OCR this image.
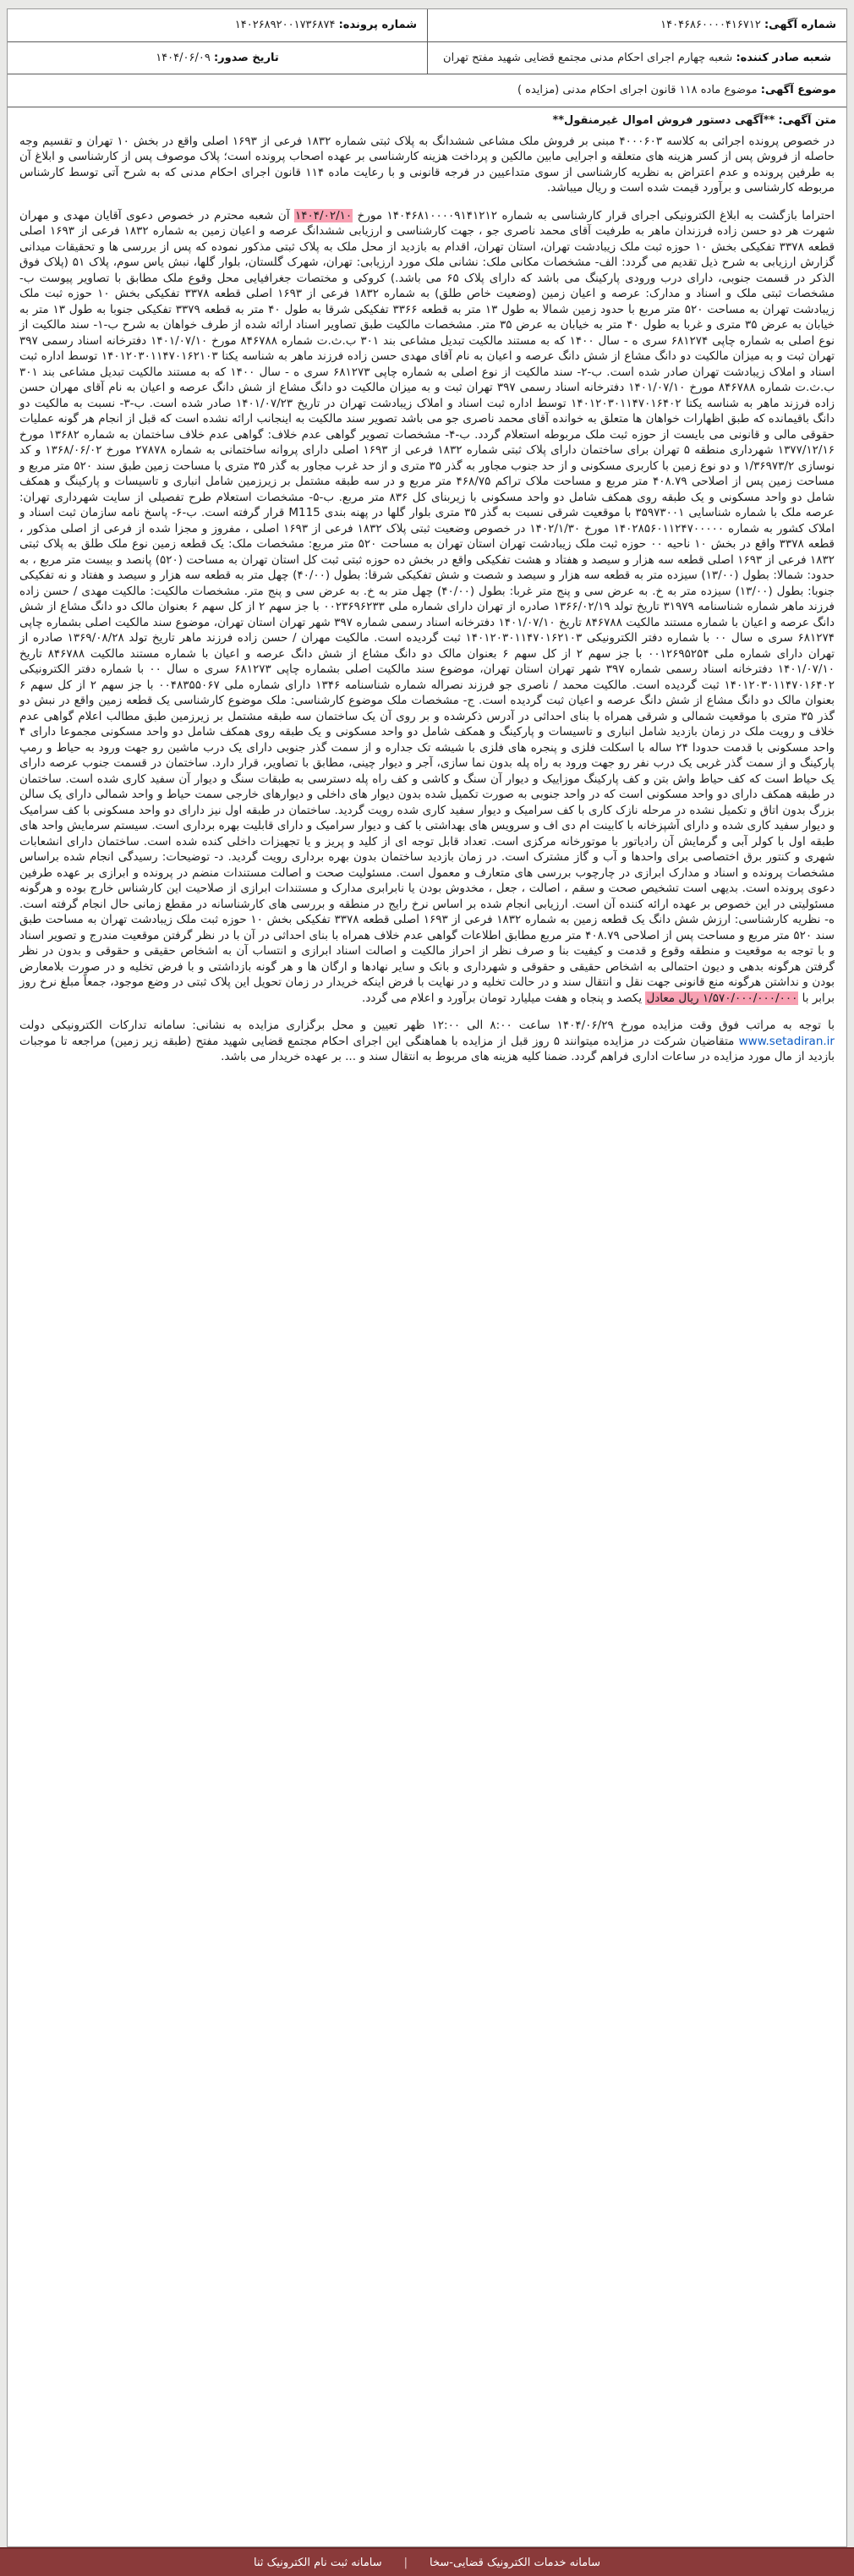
شماره آگهی: ۱۴۰۴۶۸۶۰۰۰۰۴۱۶۷۱۲
شماره پرونده: ۱۴۰۲۶۸۹۲۰۰۱۷۳۶۸۷۴
شعبه صادر کننده: شعبه چهارم اجرای احکام مدنی مجتمع قضایی شهید مفتح تهران
تاریخ صدور: ۱۴۰۴/۰۶/۰۹
موضوع آگهی: موضوع ماده ۱۱۸ قانون اجرای احکام مدنی (مزایده )
متن آگهی: **آگهی دستور فروش اموال غیرمنقول**

در خصوص پرونده اجرائی به کلاسه ۴۰۰۰۶۰۳ مبنی بر فروش ملک مشاعی ششدانگ به پلاک ثبتی شماره ۱۸۳۲ فرعی از ۱۶۹۳ اصلی واقع در بخش ۱۰ تهران و تقسیم وجه حاصله از فروش پس از کسر هزینه های متعلقه و اجرایی مابین مالکین و پرداخت هزینه کارشناسی بر عهده اصحاب پرونده است؛ پلاک موصوف پس از کارشناسی و ابلاغ آن به طرفین پرونده و عدم اعتراض به نظریه کارشناسی از سوی متداعیین در فرجه قانونی و با رعایت ماده ۱۱۴ قانون اجرای احکام مدنی که به شرح آتی توسط کارشناس مربوطه کارشناسی و برآورد قیمت شده است و ریال میباشد.

احتراما بازگشت به ابلاغ الکترونیکی اجرای قرار کارشناسی به شماره ۱۴۰۴۶۸۱۰۰۰۰۹۱۴۱۲۱۲ مورخ ۱۴۰۴/۰۲/۱۰ آن شعبه محترم در خصوص دعوی آقایان مهدی و مهران شهرت هر دو حسن زاده فرزندان ماهر به طرفیت آقای محمد ناصری جو ، جهت کارشناسی و ارزیابی ششدانگ عرصه و اعیان زمین به شماره ۱۸۳۲ فرعی از ۱۶۹۳ اصلی قطعه ۳۳۷۸ تفکیکی بخش ۱۰ حوزه ثبت ملک زیبادشت تهران، استان تهران، اقدام به بازدید از محل ملک به پلاک ثبتی مذکور نموده که پس از بررسی ها و تحقیقات میدانی گزارش ارزیابی به شرح ذیل تقدیم می گردد: الف- مشخصات مکانی ملک: نشانی ملک مورد ارزیابی: تهران، شهرک گلستان، بلوار گلها، نبش یاس سوم، پلاک ۵۱ (پلاک فوق الذکر در قسمت جنوبی، دارای درب ورودی پارکینگ می باشد که دارای پلاک ۶۵ می باشد.) کروکی و مختصات جغرافیایی محل وقوع ملک مطابق با تصاویر پیوست ب- مشخصات ثبتی ملک و اسناد و مدارک: عرصه و اعیان زمین (وضعیت خاص طلق) به شماره ۱۸۳۲ فرعی از ۱۶۹۳ اصلی قطعه ۳۳۷۸ تفکیکی بخش ۱۰ حوزه ثبت ملک زیبادشت تهران به مساحت ۵۲۰ متر مربع با حدود زمین شمالا به طول ۱۳ متر به قطعه ۳۳۶۶ تفکیکی شرقا به طول ۴۰ متر به قطعه ۳۳۷۹ تفکیکی جنوبا به طول ۱۳ متر به خیابان به عرض ۳۵ متری و غربا به طول ۴۰ متر به خیابان به عرض ۳۵ متر. مشخصات مالکیت طبق تصاویر اسناد ارائه شده از طرف خواهان به شرح ب-۱- سند مالکیت از نوع اصلی به شماره چاپی ۶۸۱۲۷۴ سری ه - سال ۱۴۰۰ که به مستند مالکیت تبدیل مشاعی بند ۳۰۱ ب.ث.ت شماره ۸۴۶۷۸۸ مورخ ۱۴۰۱/۰۷/۱۰ دفترخانه اسناد رسمی ۳۹۷ تهران ثبت و به میزان مالکیت دو دانگ مشاع از شش دانگ عرصه و اعیان به نام آقای مهدی حسن زاده فرزند ماهر به شناسه یکتا ۱۴۰۱۲۰۳۰۱۱۴۷۰۱۶۲۱۰۳ توسط اداره ثبت اسناد و املاک زیبادشت تهران صادر شده است. ب-۲- سند مالکیت از نوع اصلی به شماره چاپی ۶۸۱۲۷۳ سری ه - سال ۱۴۰۰ که به مستند مالکیت تبدیل مشاعی بند ۳۰۱ ب.ث.ت شماره ۸۴۶۷۸۸ مورخ ۱۴۰۱/۰۷/۱۰ دفترخانه اسناد رسمی ۳۹۷ تهران ثبت و به میزان مالکیت دو دانگ مشاع از شش دانگ عرصه و اعیان به نام آقای مهران حسن زاده فرزند ماهر به شناسه یکتا ۱۴۰۱۲۰۳۰۱۱۴۷۰۱۶۴۰۲ توسط اداره ثبت اسناد و املاک زیبادشت تهران در تاریخ ۱۴۰۱/۰۷/۲۳ صادر شده است. ب-۳- نسبت به مالکیت دو دانگ باقیمانده که طبق اظهارات خواهان ها متعلق به خوانده آقای محمد ناصری جو می باشد تصویر سند مالکیت به اینجانب ارائه نشده است که قبل از انجام هر گونه عملیات حقوقی مالی و قانونی می بایست از حوزه ثبت ملک مربوطه استعلام گردد. ب-۴- مشخصات تصویر گواهی عدم خلاف: گواهی عدم خلاف ساختمان به شماره ۱۳۶۸۲ مورخ ۱۳۷۷/۱۲/۱۶ شهرداری منطقه ۵ تهران برای ساختمان دارای پلاک ثبتی شماره ۱۸۳۲ فرعی از ۱۶۹۳ اصلی دارای پروانه ساختمانی به شماره ۲۷۸۷۸ مورخ ۱۳۶۸/۰۶/۰۲ و کد نوسازی ۱/۳۶۹۷۳/۲ و دو نوع زمین با کاربری مسکونی و از حد جنوب مجاور به گذر ۳۵ متری و از حد غرب مجاور به گذر ۳۵ متری با مساحت زمین طبق سند ۵۲۰ متر مربع و مساحت زمین پس از اصلاحی ۴۰۸.۷۹ متر مربع و مساحت ملاک تراکم ۴۶۸/۷۵ متر مربع و در سه طبقه مشتمل بر زیرزمین شامل انباری و تاسیسات و پارکینگ و همکف شامل دو واحد مسکونی و یک طبقه روی همکف شامل دو واحد مسکونی با زیربنای کل ۸۳۶ متر مربع. ب-۵- مشخصات استعلام طرح تفصیلی از سایت شهرداری تهران: عرصه ملک با شماره شناسایی ۳۵۹۷۳۰۰۱ با موقعیت شرقی نسبت به گذر ۳۵ متری بلوار گلها در پهنه بندی M115 قرار گرفته است. ب-۶- پاسخ نامه سازمان ثبت اسناد و املاک کشور به شماره ۱۴۰۲۸۵۶۰۱۱۲۴۷۰۰۰۰۰ مورخ ۱۴۰۲/۱/۳۰ در خصوص وضعیت ثبتی پلاک ۱۸۳۲ فرعی از ۱۶۹۳ اصلی ، مفروز و مجزا شده از فرعی از اصلی مذکور ، قطعه ۳۳۷۸ واقع در بخش ۱۰ ناحیه ۰۰ حوزه ثبت ملک زیبادشت تهران استان تهران به مساحت ۵۲۰ متر مربع: مشخصات ملک: یک قطعه زمین نوع ملک طلق به پلاک ثبتی ۱۸۳۲ فرعی از ۱۶۹۳ اصلی قطعه سه هزار و سیصد و هفتاد و هشت تفکیکی واقع در بخش ده حوزه ثبتی ثبت کل استان تهران به مساحت (۵۲۰) پانصد و بیست متر مربع ، به حدود: شمالا: بطول (۱۳/۰۰) سیزده متر به قطعه سه هزار و سیصد و شصت و شش تفکیکی شرقا: بطول (۴۰/۰۰) چهل متر به قطعه سه هزار و سیصد و هفتاد و نه تفکیکی جنوبا: بطول (۱۳/۰۰) سیزده متر به خ. به عرض سی و پنج متر غربا: بطول (۴۰/۰۰) چهل متر به خ. به عرض سی و پنج متر. مشخصات مالکیت: مالکیت مهدی / حسن زاده فرزند ماهر شماره شناسنامه ۳۱۹۷۹ تاریخ تولد ۱۳۶۶/۰۲/۱۹ صادره از تهران دارای شماره ملی ۰۰۲۳۶۹۶۲۳۳ با جز سهم ۲ از کل سهم ۶ بعنوان مالک دو دانگ مشاع از شش دانگ عرصه و اعیان با شماره مستند مالکیت ۸۴۶۷۸۸ تاریخ ۱۴۰۱/۰۷/۱۰ دفترخانه اسناد رسمی شماره ۳۹۷ شهر تهران استان تهران، موضوع سند مالکیت اصلی بشماره چاپی ۶۸۱۲۷۴ سری ه سال ۰۰ با شماره دفتر الکترونیکی ۱۴۰۱۲۰۳۰۱۱۴۷۰۱۶۲۱۰۳ ثبت گردیده است. مالکیت مهران / حسن زاده فرزند ماهر تاریخ تولد ۱۳۶۹/۰۸/۲۸ صادره از تهران دارای شماره ملی ۰۰۱۲۶۹۵۲۵۴ با جز سهم ۲ از کل سهم ۶ بعنوان مالک دو دانگ مشاع از شش دانگ عرصه و اعیان با شماره مستند مالکیت ۸۴۶۷۸۸ تاریخ ۱۴۰۱/۰۷/۱۰ دفترخانه اسناد رسمی شماره ۳۹۷ شهر تهران استان تهران، موضوع سند مالکیت اصلی بشماره چاپی ۶۸۱۲۷۳ سری ه سال ۰۰ با شماره دفتر الکترونیکی ۱۴۰۱۲۰۳۰۱۱۴۷۰۱۶۴۰۲ ثبت گردیده است. مالکیت محمد / ناصری جو فرزند نصراله شماره شناسنامه ۱۳۴۶ دارای شماره ملی ۰۰۴۸۳۵۵۰۶۷ با جز سهم ۲ از کل سهم ۶ بعنوان مالک دو دانگ مشاع از شش دانگ عرصه و اعیان ثبت گردیده است. ج- مشخصات ملک موضوع کارشناسی: ملک موضوع کارشناسی یک قطعه زمین واقع در نبش دو گذر ۳۵ متری با موقعیت شمالی و شرقی همراه با بنای احداثی در آدرس ذکرشده و بر روی آن یک ساختمان سه طبقه مشتمل بر زیرزمین طبق مطالب اعلام گواهی عدم خلاف و رویت ملک در زمان بازدید شامل انباری و تاسیسات و پارکینگ و همکف شامل دو واحد مسکونی و یک طبقه روی همکف شامل دو واحد مسکونی مجموعا دارای ۴ واحد مسکونی با قدمت حدودا ۲۴ ساله با اسکلت فلزی و پنجره های فلزی با شیشه تک جداره و از سمت گذر جنوبی دارای یک درب ماشین رو جهت ورود به حیاط و رمپ پارکینگ و از سمت گذر غربی یک درب نفر رو جهت ورود به راه پله بدون نما سازی، آجر و دیوار چینی، مطابق با تصاویر، قرار دارد. ساختمان در قسمت جنوب عرصه دارای یک حیاط است که کف حیاط واش بتن و کف پارکینگ موزاییک و دیوار آن سنگ و کاشی و کف راه پله دسترسی به طبقات سنگ و دیوار آن سفید کاری شده است. ساختمان در طبقه همکف دارای دو واحد مسکونی است که در واحد جنوبی به صورت تکمیل شده بدون دیوار های داخلی و دیوارهای خارجی سمت حیاط و واحد شمالی دارای یک سالن بزرگ بدون اتاق و تکمیل نشده در مرحله نازک کاری با کف سرامیک و دیوار سفید کاری شده رویت گردید. ساختمان در طبقه اول نیز دارای دو واحد مسکونی با کف سرامیک و دیوار سفید کاری شده و دارای آشپزخانه با کابینت ام دی اف و سرویس های بهداشتی با کف و دیوار سرامیک و دارای قابلیت بهره برداری است. سیستم سرمایش واحد های طبقه اول با کولر آبی و گرمایش آن رادیاتور با موتورخانه مرکزی است. تعداد قابل توجه ای از کلید و پریز و یا تجهیزات داخلی کنده شده است. ساختمان دارای انشعابات شهری و کنتور برق اختصاصی برای واحدها و آب و گاز مشترک است. در زمان بازدید ساختمان بدون بهره برداری رویت گردید. د- توضیحات: رسیدگی انجام شده براساس مشخصات پرونده و اسناد و مدارک ابرازی در چارچوب بررسی های متعارف و معمول است. مسئولیت صحت و اصالت مستندات منضم در پرونده و ابرازی بر عهده طرفین دعوی پرونده است. بدیهی است تشخیص صحت و سقم ، اصالت ، جعل ، مخدوش بودن یا نابرابری مدارک و مستندات ابرازی از صلاحیت این کارشناس خارج بوده و هرگونه مسئولیتی در این خصوص بر عهده ارائه کننده آن است. ارزیابی انجام شده بر اساس نرخ رایج در منطقه و بررسی های کارشناسانه در مقطع زمانی حال انجام گرفته است. ه- نظریه کارشناسی: ارزش شش دانگ یک قطعه زمین به شماره ۱۸۳۲ فرعی از ۱۶۹۳ اصلی قطعه ۳۳۷۸ تفکیکی بخش ۱۰ حوزه ثبت ملک زیبادشت تهران به مساحت طبق سند ۵۲۰ متر مربع و مساحت پس از اصلاحی ۴۰۸.۷۹ متر مربع مطابق اطلاعات گواهی عدم خلاف همراه با بنای احداثی در آن با در نظر گرفتن موقعیت مندرج و تصویر اسناد و با توجه به موقعیت و منطقه وقوع و قدمت و کیفیت بنا و صرف نظر از احراز مالکیت و اصالت اسناد ابرازی و انتساب آن به اشخاص حقیقی و حقوقی و بدون در نظر گرفتن هرگونه بدهی و دیون احتمالی به اشخاص حقیقی و حقوقی و شهرداری و بانک و سایر نهادها و ارگان ها و هر گونه بازداشتی و با فرض تخلیه و در صورت بلامعارض بودن و نداشتن هرگونه منع قانونی جهت نقل و انتقال سند و در حالت تخلیه و در نهایت با فرض اینکه خریدار در زمان تحویل این پلاک ثبتی در وضع موجود، جمعاً مبلغ نرخ روز برابر با ۱/۵۷۰/۰۰۰/۰۰۰/۰۰۰ ریال معادل یکصد و پنجاه و هفت میلیارد تومان برآورد و اعلام می گردد.

با توجه به مراتب فوق وقت مزایده مورخ ۱۴۰۴/۰۶/۲۹ ساعت ۸:۰۰ الی ۱۲:۰۰ ظهر تعیین و محل برگزاری مزایده به نشانی: سامانه تدارکات الکترونیکی دولت www.setadiran.ir متقاضیان شرکت در مزایده میتوانند ۵ روز قبل از مزایده با هماهنگی این اجرای احکام مجتمع قضایی شهید مفتح (طبقه زیر زمین) مراجعه تا موجبات بازدید از مال مورد مزایده در ساعات اداری فراهم گردد. ضمنا کلیه هزینه های مربوط به انتقال سند و ... بر عهده خریدار می باشد.

سامانه خدمات الکترونیک قضایی-سخا
|
سامانه ثبت نام الکترونیک ثنا
